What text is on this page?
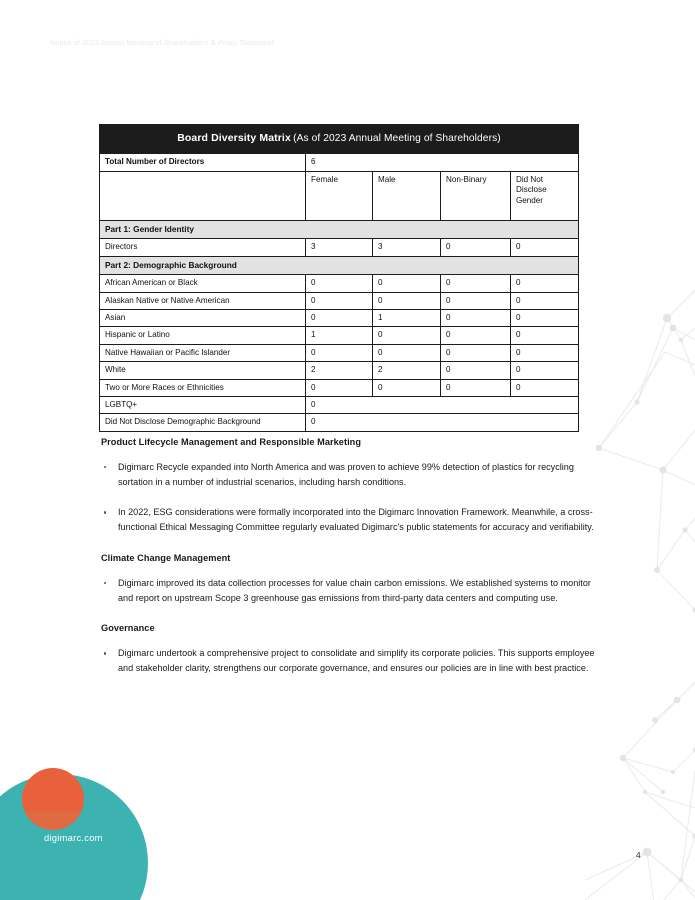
Notice of 2023 Annual Meeting of Shareholders & Proxy Statement
Board Diversity Matrix (As of 2023 Annual Meeting of Shareholders)				
Total Number of Directors	6			
	Female	Male	Non-Binary	Did Not Disclose Gender
Part 1: Gender Identity				
Directors	3	3	0	0
Part 2: Demographic Background				
African American or Black	0	0	0	0
Alaskan Native or Native American	0	0	0	0
Asian	0	1	0	0
Hispanic or Latino	1	0	0	0
Native Hawaiian or Pacific Islander	0	0	0	0
White	2	2	0	0
Two or More Races or Ethnicities	0	0	0	0
LGBTQ+	0			
Did Not Disclose Demographic Background	0			
Product Lifecycle Management and Responsible Marketing
Digimarc Recycle expanded into North America and was proven to achieve 99% detection of plastics for recycling sortation in a number of industrial scenarios, including harsh conditions.
In 2022, ESG considerations were formally incorporated into the Digimarc Innovation Framework. Meanwhile, a cross-functional Ethical Messaging Committee regularly evaluated Digimarc's public statements for accuracy and verifiability.
Climate Change Management
Digimarc improved its data collection processes for value chain carbon emissions. We established systems to monitor and report on upstream Scope 3 greenhouse gas emissions from third-party data centers and computing use.
Governance
Digimarc undertook a comprehensive project to consolidate and simplify its corporate policies. This supports employee and stakeholder clarity, strengthens our corporate governance, and ensures our policies are in line with best practice.
digimarc.com
4
